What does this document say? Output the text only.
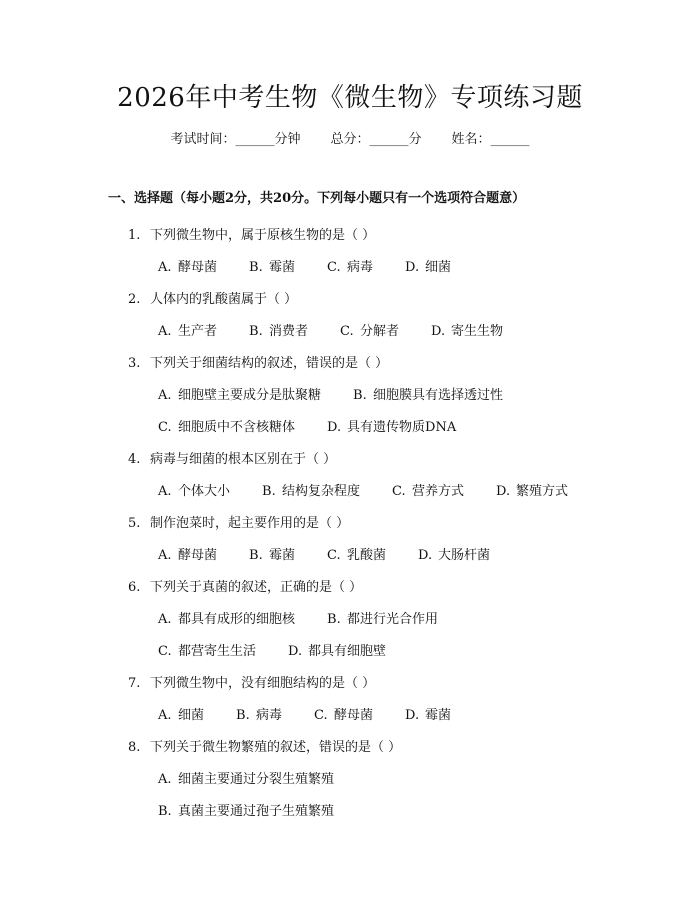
2026年中考生物《微生物》专项练习题
考试时间：______分钟 总分：______分 姓名：______
一、选择题（每小题2分，共20分。下列每小题只有一个选项符合题意）
1. 下列微生物中，属于原核生物的是（ ）
A. 酵母菌 B. 霉菌 C. 病毒 D. 细菌
2. 人体内的乳酸菌属于（ ）
A. 生产者 B. 消费者 C. 分解者 D. 寄生生物
3. 下列关于细菌结构的叙述，错误的是（ ）
A. 细胞壁主要成分是肽聚糖 B. 细胞膜具有选择透过性
C. 细胞质中不含核糖体 D. 具有遗传物质DNA
4. 病毒与细菌的根本区别在于（ ）
A. 个体大小 B. 结构复杂程度 C. 营养方式 D. 繁殖方式
5. 制作泡菜时，起主要作用的是（ ）
A. 酵母菌 B. 霉菌 C. 乳酸菌 D. 大肠杆菌
6. 下列关于真菌的叙述，正确的是（ ）
A. 都具有成形的细胞核 B. 都进行光合作用
C. 都营寄生生活 D. 都具有细胞壁
7. 下列微生物中，没有细胞结构的是（ ）
A. 细菌 B. 病毒 C. 酵母菌 D. 霉菌
8. 下列关于微生物繁殖的叙述，错误的是（ ）
A. 细菌主要通过分裂生殖繁殖
B. 真菌主要通过孢子生殖繁殖
